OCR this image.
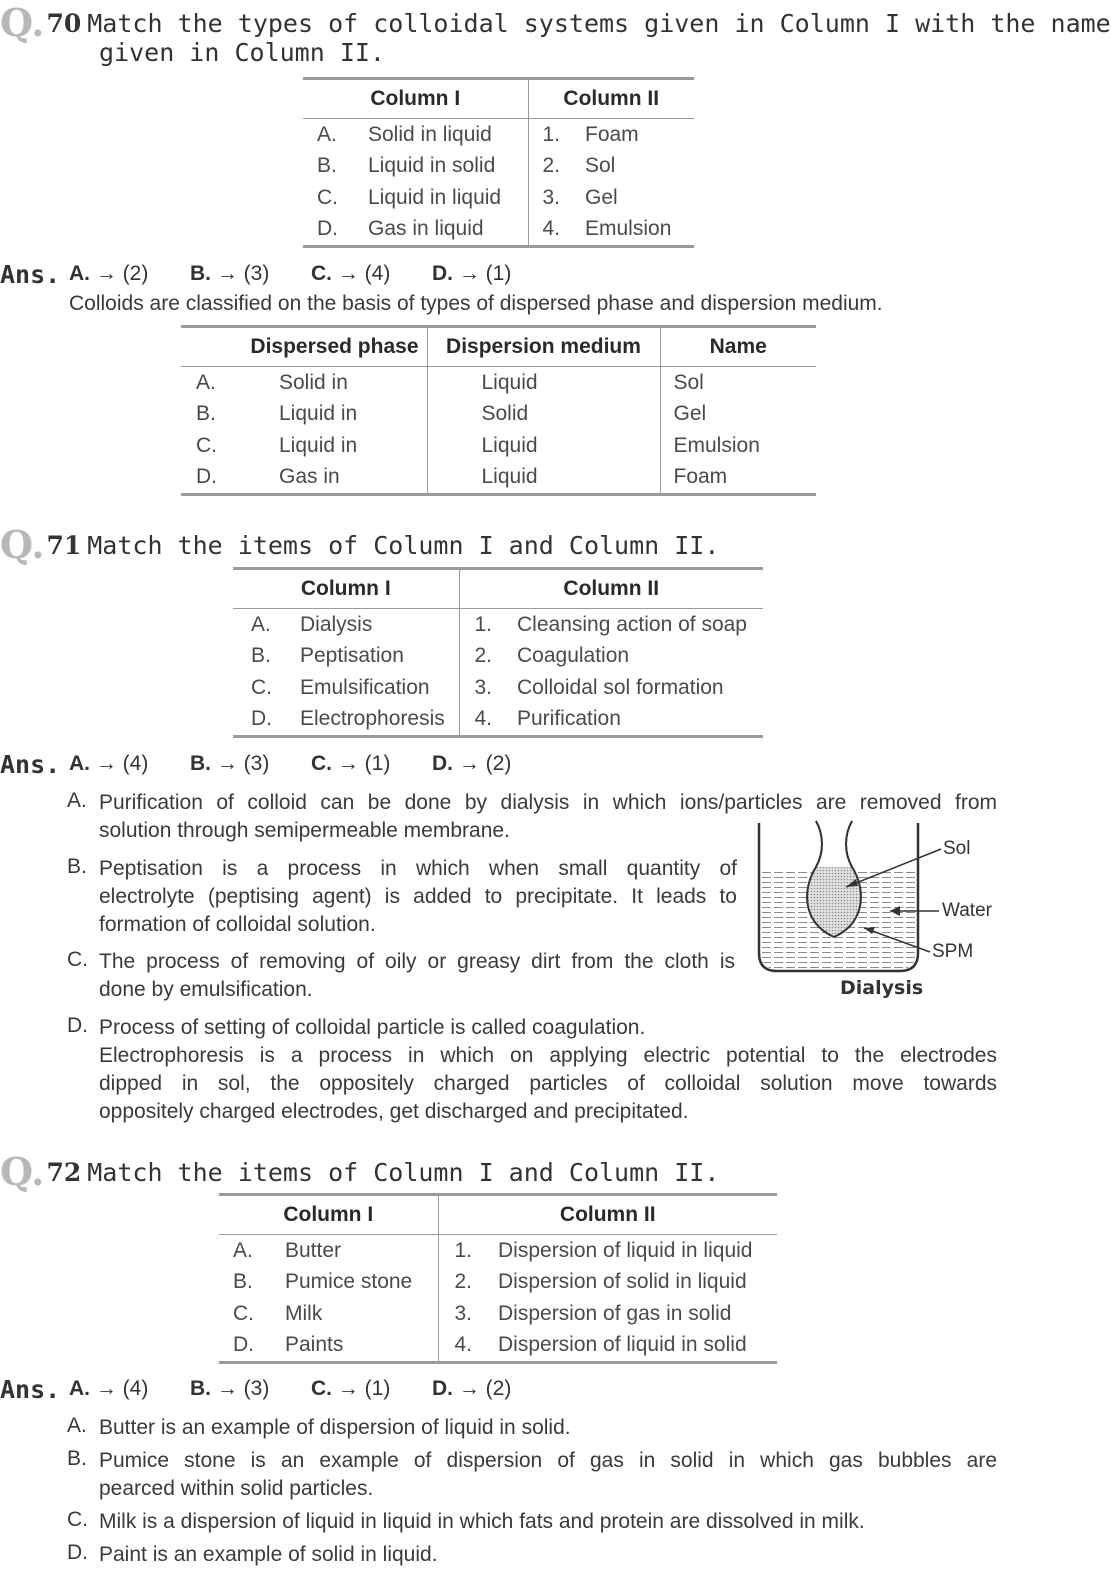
Q.70 Match the types of colloidal systems given in Column I with the name
given in Column II.
Column I		Column II	
A.	Solid in liquid	1.	Foam
B.	Liquid in solid	2.	Sol
C.	Liquid in liquid	3.	Gel
D.	Gas in liquid	4.	Emulsion
Ans. A. → (2) B. → (3) C. → (4) D. → (1)
Colloids are classified on the basis of types of dispersed phase and dispersion medium.
Dispersed phase		Dispersion medium	Name
A.	Solid in	Liquid	Sol
B.	Liquid in	Solid	Gel
C.	Liquid in	Liquid	Emulsion
D.	Gas in	Liquid	Foam
Q.71 Match the items of Column I and Column II.
Column I		Column II	
A.	Dialysis	1.	Cleansing action of soap
B.	Peptisation	2.	Coagulation
C.	Emulsification	3.	Colloidal sol formation
D.	Electrophoresis	4.	Purification
Ans. A. → (4) B. → (3) C. → (1) D. → (2)
A. Purification of colloid can be done by dialysis in which ions/particles are removed from
solution through semipermeable membrane.
B. Peptisation is a process in which when small quantity of
electrolyte (peptising agent) is added to precipitate. It leads to
formation of colloidal solution.
C. The process of removing of oily or greasy dirt from the cloth is
done by emulsification.
D. Process of setting of colloidal particle is called coagulation.
Electrophoresis is a process in which on applying electric potential to the electrodes
dipped in sol, the oppositely charged particles of colloidal solution move towards
oppositely charged electrodes, get discharged and precipitated.
Sol
Water
SPM
Dialysis
Q.72 Match the items of Column I and Column II.
Column I		Column II	
A.	Butter	1.	Dispersion of liquid in liquid
B.	Pumice stone	2.	Dispersion of solid in liquid
C.	Milk	3.	Dispersion of gas in solid
D.	Paints	4.	Dispersion of liquid in solid
Ans. A. → (4) B. → (3) C. → (1) D. → (2)
A. Butter is an example of dispersion of liquid in solid.
B. Pumice stone is an example of dispersion of gas in solid in which gas bubbles are
pearced within solid particles.
C. Milk is a dispersion of liquid in liquid in which fats and protein are dissolved in milk.
D. Paint is an example of solid in liquid.
